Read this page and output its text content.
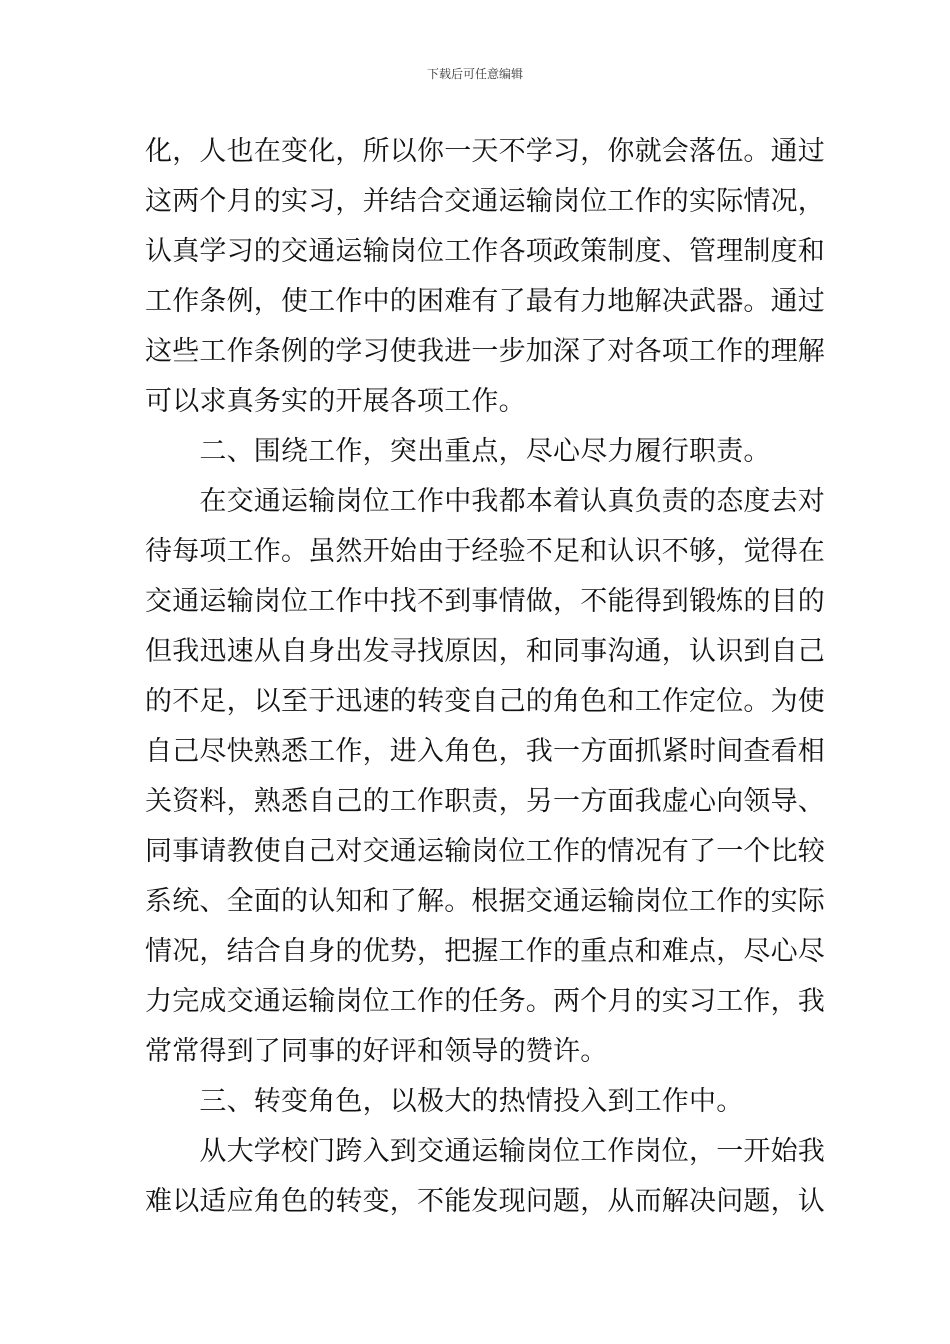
下载后可任意编辑
化，人也在变化，所以你一天不学习，你就会落伍。通过
这两个月的实习，并结合交通运输岗位工作的实际情况，
认真学习的交通运输岗位工作各项政策制度、管理制度和
工作条例，使工作中的困难有了最有力地解决武器。通过
这些工作条例的学习使我进一步加深了对各项工作的理解
可以求真务实的开展各项工作。
　　二、围绕工作，突出重点，尽心尽力履行职责。
　　在交通运输岗位工作中我都本着认真负责的态度去对
待每项工作。虽然开始由于经验不足和认识不够，觉得在
交通运输岗位工作中找不到事情做，不能得到锻炼的目的
但我迅速从自身出发寻找原因，和同事沟通，认识到自己
的不足，以至于迅速的转变自己的角色和工作定位。为使
自己尽快熟悉工作，进入角色，我一方面抓紧时间查看相
关资料，熟悉自己的工作职责，另一方面我虚心向领导、
同事请教使自己对交通运输岗位工作的情况有了一个比较
系统、全面的认知和了解。根据交通运输岗位工作的实际
情况，结合自身的优势，把握工作的重点和难点，尽心尽
力完成交通运输岗位工作的任务。两个月的实习工作，我
常常得到了同事的好评和领导的赞许。
　　三、转变角色，以极大的热情投入到工作中。
　　从大学校门跨入到交通运输岗位工作岗位，一开始我
难以适应角色的转变，不能发现问题，从而解决问题，认
